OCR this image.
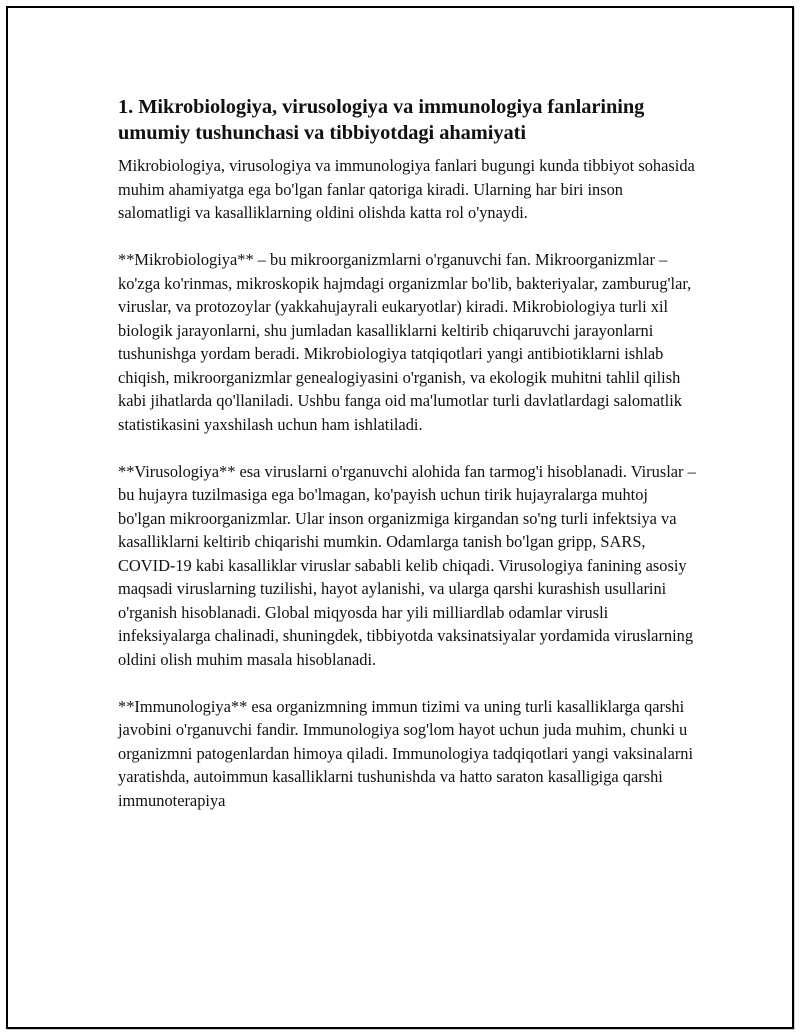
1. Mikrobiologiya, virusologiya va immunologiya fanlarining umumiy tushunchasi va tibbiyotdagi ahamiyati

Mikrobiologiya, virusologiya va immunologiya fanlari bugungi kunda tibbiyot sohasida muhim ahamiyatga ega bo'lgan fanlar qatoriga kiradi. Ularning har biri inson salomatligi va kasalliklarning oldini olishda katta rol o'ynaydi.

**Mikrobiologiya** – bu mikroorganizmlarni o'rganuvchi fan. Mikroorganizmlar – ko'zga ko'rinmas, mikroskopik hajmdagi organizmlar bo'lib, bakteriyalar, zamburug'lar, viruslar, va protozoylar (yakkahujayrali eukaryotlar) kiradi. Mikrobiologiya turli xil biologik jarayonlarni, shu jumladan kasalliklarni keltirib chiqaruvchi jarayonlarni tushunishga yordam beradi. Mikrobiologiya tatqiqotlari yangi antibiotiklarni ishlab chiqish, mikroorganizmlar genealogiyasini o'rganish, va ekologik muhitni tahlil qilish kabi jihatlarda qo'llaniladi. Ushbu fanga oid ma'lumotlar turli davlatlardagi salomatlik statistikasini yaxshilash uchun ham ishlatiladi.

**Virusologiya** esa viruslarni o'rganuvchi alohida fan tarmog'i hisoblanadi. Viruslar – bu hujayra tuzilmasiga ega bo'lmagan, ko'payish uchun tirik hujayralarga muhtoj bo'lgan mikroorganizmlar. Ular inson organizmiga kirgandan so'ng turli infektsiya va kasalliklarni keltirib chiqarishi mumkin. Odamlarga tanish bo'lgan gripp, SARS, COVID-19 kabi kasalliklar viruslar sababli kelib chiqadi. Virusologiya fanining asosiy maqsadi viruslarning tuzilishi, hayot aylanishi, va ularga qarshi kurashish usullarini o'rganish hisoblanadi. Global miqyosda har yili milliardlab odamlar virusli infeksiyalarga chalinadi, shuningdek, tibbiyotda vaksinatsiyalar yordamida viruslarning oldini olish muhim masala hisoblanadi.

**Immunologiya** esa organizmning immun tizimi va uning turli kasalliklarga qarshi javobini o'rganuvchi fandir. Immunologiya sog'lom hayot uchun juda muhim, chunki u organizmni patogenlardan himoya qiladi. Immunologiya tadqiqotlari yangi vaksinalarni yaratishda, autoimmun kasalliklarni tushunishda va hatto saraton kasalligiga qarshi immunoterapiya
